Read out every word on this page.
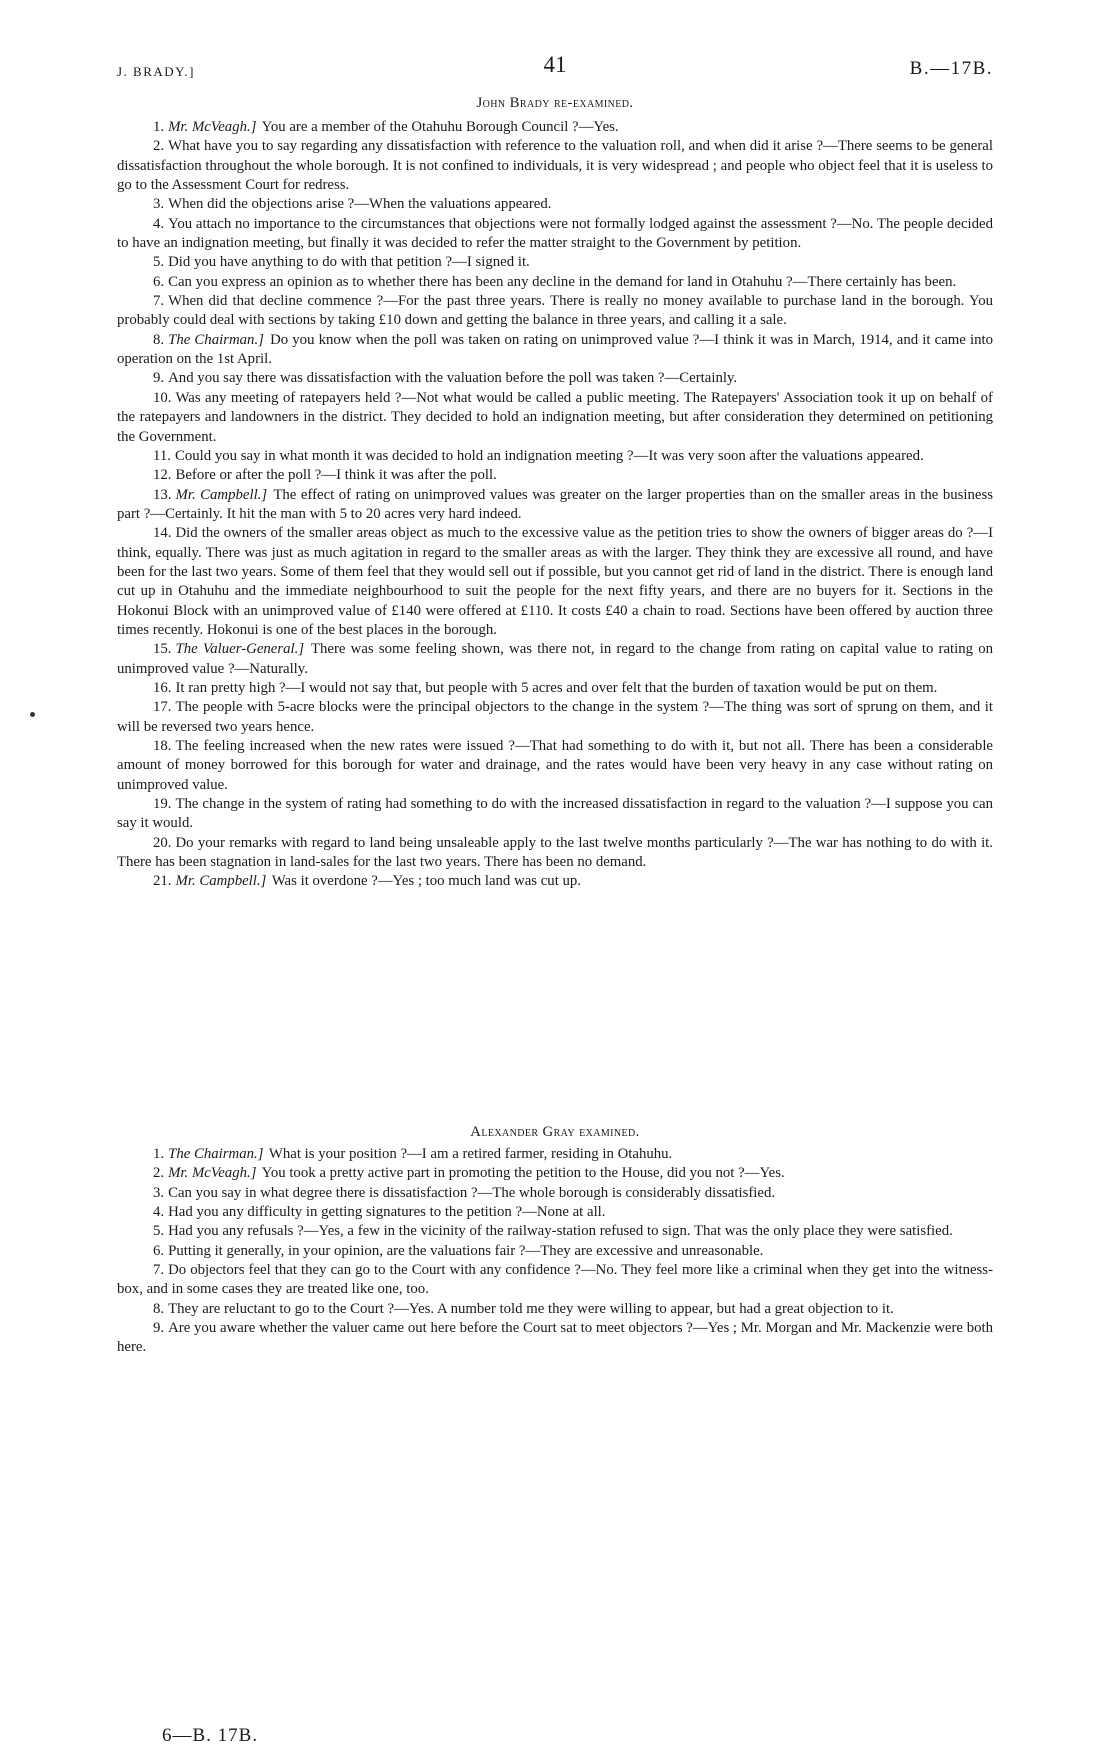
J. BRADY.]	41	B.—17B.
John Brady re-examined.

1. Mr. McVeagh.] You are a member of the Otahuhu Borough Council ?—Yes.

2. What have you to say regarding any dissatisfaction with reference to the valuation roll, and when did it arise ?—There seems to be general dissatisfaction throughout the whole borough. It is not confined to individuals, it is very widespread ; and people who object feel that it is useless to go to the Assessment Court for redress.

3. When did the objections arise ?—When the valuations appeared.

4. You attach no importance to the circumstances that objections were not formally lodged against the assessment ?—No. The people decided to have an indignation meeting, but finally it was decided to refer the matter straight to the Government by petition.

5. Did you have anything to do with that petition ?—I signed it.

6. Can you express an opinion as to whether there has been any decline in the demand for land in Otahuhu ?—There certainly has been.

7. When did that decline commence ?—For the past three years. There is really no money available to purchase land in the borough. You probably could deal with sections by taking £10 down and getting the balance in three years, and calling it a sale.

8. The Chairman.] Do you know when the poll was taken on rating on unimproved value ?—I think it was in March, 1914, and it came into operation on the 1st April.

9. And you say there was dissatisfaction with the valuation before the poll was taken ?—Certainly.

10. Was any meeting of ratepayers held ?—Not what would be called a public meeting. The Ratepayers' Association took it up on behalf of the ratepayers and landowners in the district. They decided to hold an indignation meeting, but after consideration they determined on petitioning the Government.

11. Could you say in what month it was decided to hold an indignation meeting ?—It was very soon after the valuations appeared.

12. Before or after the poll ?—I think it was after the poll.

13. Mr. Campbell.] The effect of rating on unimproved values was greater on the larger properties than on the smaller areas in the business part ?—Certainly. It hit the man with 5 to 20 acres very hard indeed.

14. Did the owners of the smaller areas object as much to the excessive value as the petition tries to show the owners of bigger areas do ?—I think, equally. There was just as much agitation in regard to the smaller areas as with the larger. They think they are excessive all round, and have been for the last two years. Some of them feel that they would sell out if possible, but you cannot get rid of land in the district. There is enough land cut up in Otahuhu and the immediate neighbourhood to suit the people for the next fifty years, and there are no buyers for it. Sections in the Hokonui Block with an unimproved value of £140 were offered at £110. It costs £40 a chain to road. Sections have been offered by auction three times recently. Hokonui is one of the best places in the borough.

15. The Valuer-General.] There was some feeling shown, was there not, in regard to the change from rating on capital value to rating on unimproved value ?—Naturally.

16. It ran pretty high ?—I would not say that, but people with 5 acres and over felt that the burden of taxation would be put on them.

17. The people with 5-acre blocks were the principal objectors to the change in the system ?—The thing was sort of sprung on them, and it will be reversed two years hence.

18. The feeling increased when the new rates were issued ?—That had something to do with it, but not all. There has been a considerable amount of money borrowed for this borough for water and drainage, and the rates would have been very heavy in any case without rating on unimproved value.

19. The change in the system of rating had something to do with the increased dissatisfaction in regard to the valuation ?—I suppose you can say it would.

20. Do your remarks with regard to land being unsaleable apply to the last twelve months particularly ?—The war has nothing to do with it. There has been stagnation in land-sales for the last two years. There has been no demand.

21. Mr. Campbell.] Was it overdone ?—Yes ; too much land was cut up.

Alexander Gray examined.

1. The Chairman.] What is your position ?—I am a retired farmer, residing in Otahuhu.

2. Mr. McVeagh.] You took a pretty active part in promoting the petition to the House, did you not ?—Yes.

3. Can you say in what degree there is dissatisfaction ?—The whole borough is considerably dissatisfied.

4. Had you any difficulty in getting signatures to the petition ?—None at all.

5. Had you any refusals ?—Yes, a few in the vicinity of the railway-station refused to sign. That was the only place they were satisfied.

6. Putting it generally, in your opinion, are the valuations fair ?—They are excessive and unreasonable.

7. Do objectors feel that they can go to the Court with any confidence ?—No. They feel more like a criminal when they get into the witness-box, and in some cases they are treated like one, too.

8. They are reluctant to go to the Court ?—Yes. A number told me they were willing to appear, but had a great objection to it.

9. Are you aware whether the valuer came out here before the Court sat to meet objectors ?—Yes ; Mr. Morgan and Mr. Mackenzie were both here.

6—B. 17B.
